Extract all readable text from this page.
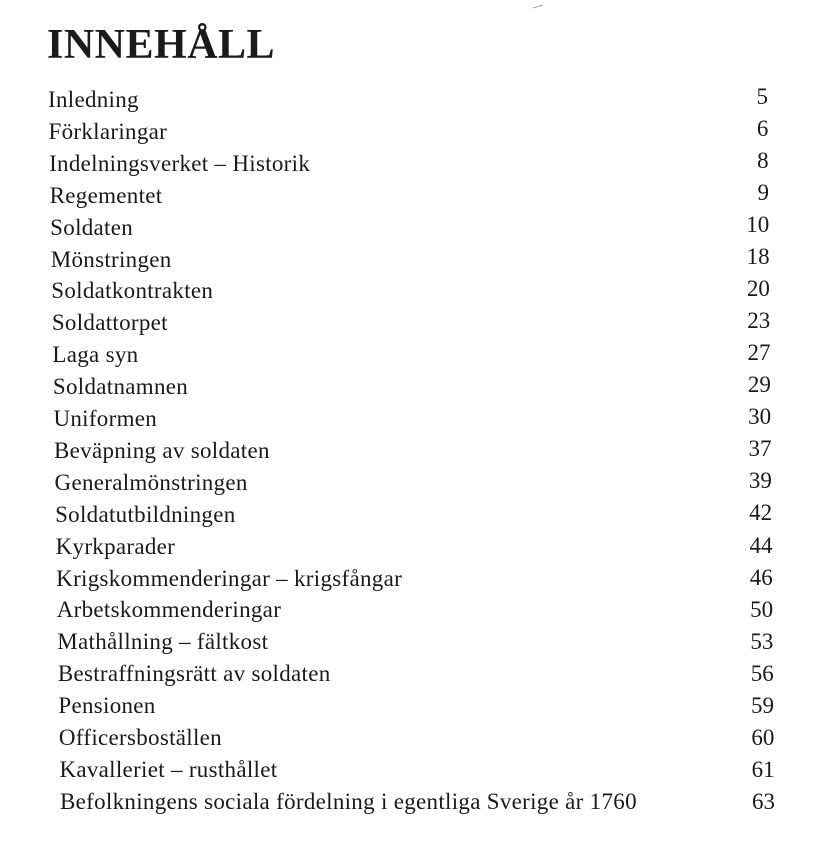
INNEHÅLL
Inledning	5
Förklaringar	6
Indelningsverket – Historik	8
Regementet	9
Soldaten	10
Mönstringen	18
Soldatkontrakten	20
Soldattorpet	23
Laga syn	27
Soldatnamnen	29
Uniformen	30
Beväpning av soldaten	37
Generalmönstringen	39
Soldatutbildningen	42
Kyrkparader	44
Krigskommenderingar – krigsfångar	46
Arbetskommenderingar	50
Mathållning – fältkost	53
Bestraffningsrätt av soldaten	56
Pensionen	59
Officersboställen	60
Kavalleriet – rusthållet	61
Befolkningens sociala fördelning i egentliga Sverige år 1760	63
